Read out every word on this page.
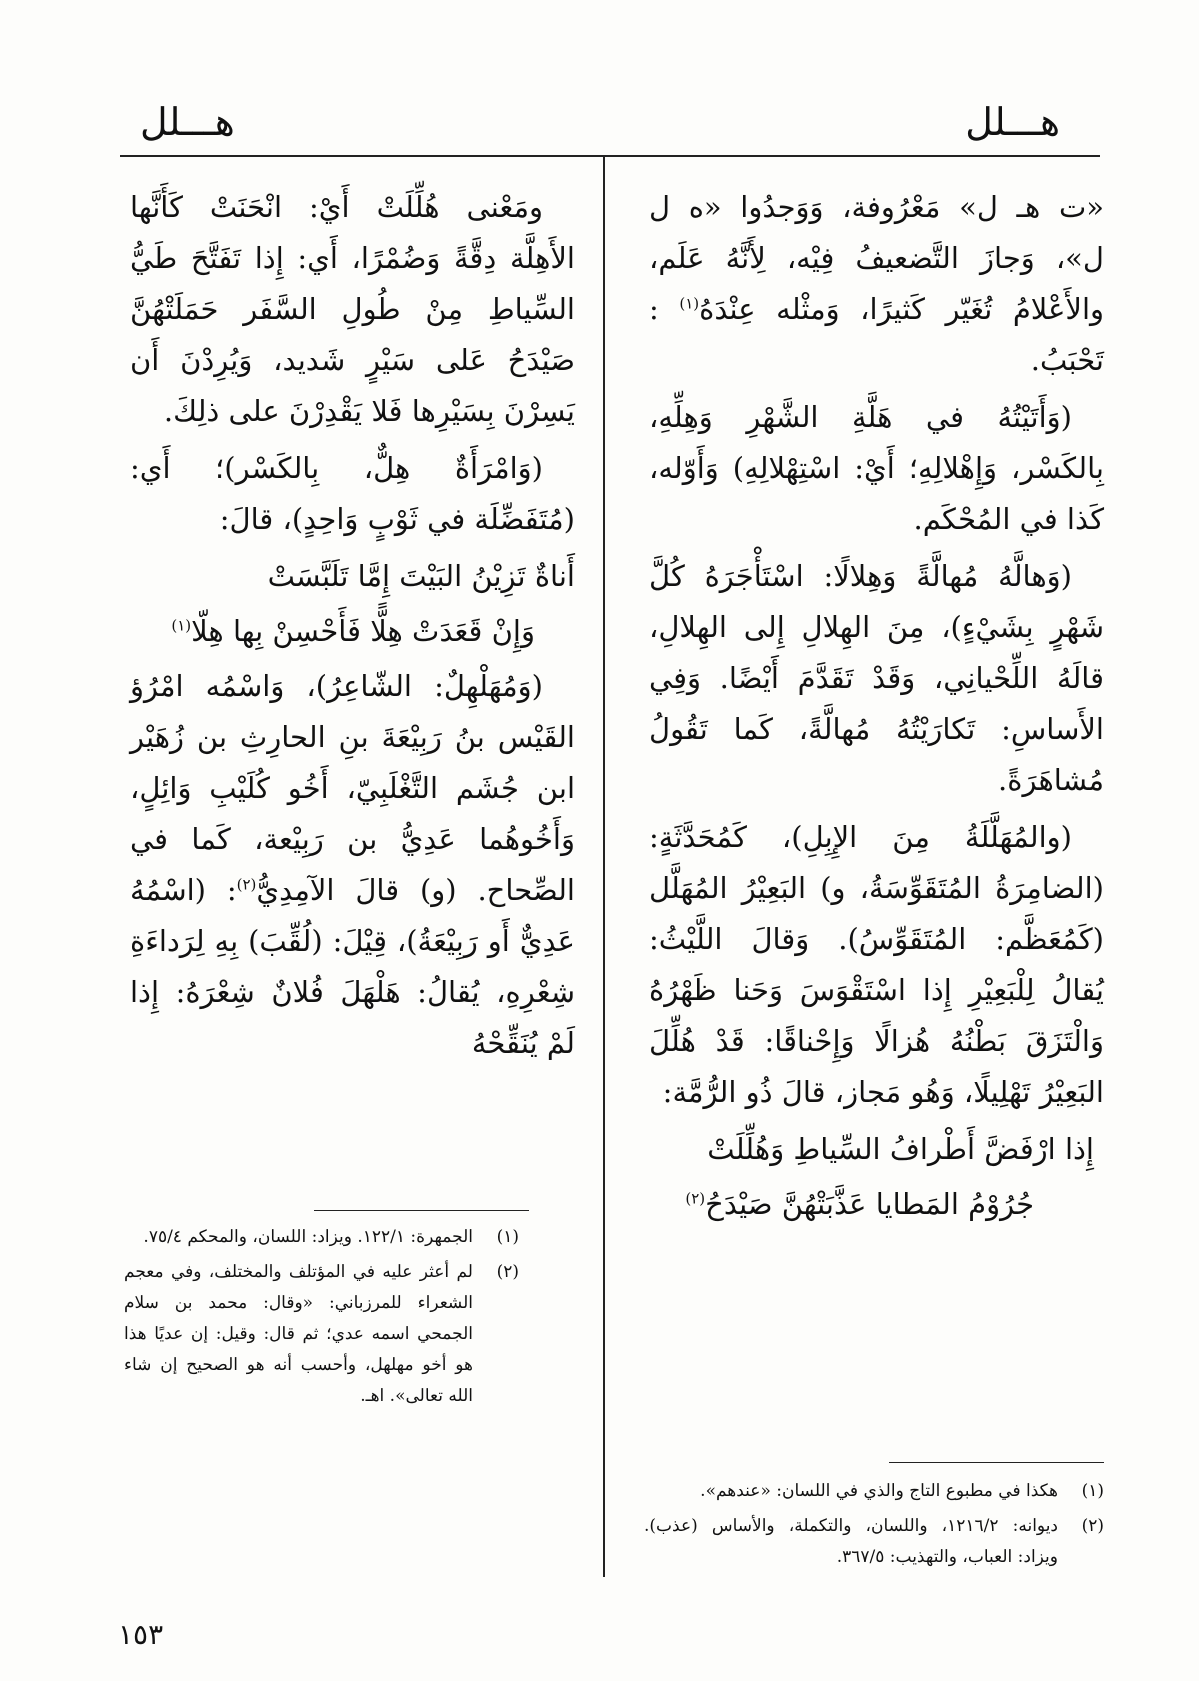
هـــلل
هـــلل

«ت هـ ل» مَعْرُوفة، وَوَجدُوا «ه ل ل»، وَجازَ التَّضعيفُ فِيْه، لِأَنَّهُ عَلَم، والأَعْلامُ تُغَيّر كَثيرًا، وَمثْله عِنْدَهُ$^{(١)}$ : تَحْبَبُ.

(وَأَتَيْتُهُ في هَلَّةِ الشَّهْرِ وَهِلِّهِ، بِالكَسْر، وَإِهْلالِهِ؛ أَيْ: اسْتِهْلالِهِ) وَأَوّله، كَذا في المُحْكَم.

(وَهالَّهُ مُهالَّةً وَهِلالًا: اسْتَأْجَرَهُ كُلَّ شَهْرٍ بِشَيْءٍ)، مِنَ الهِلالِ إِلى الهِلالِ، قالَهُ اللِّحْيانِي، وَقَدْ تَقَدَّمَ أَيْضًا. وَفِي الأَساسِ: تَكارَيْتُهُ مُهالَّةً، كَما تَقُولُ مُشاهَرَةً.

(والمُهَلَّلَةُ مِنَ الإِبِلِ)، كَمُحَدَّثَةٍ: (الضامِرَةُ المُتَقَوِّسَةُ، و) البَعِيْرُ المُهَلَّل (كَمُعَظَّم: المُتَقَوِّسُ). وَقالَ اللَّيْثُ: يُقالُ لِلْبَعِيْرِ إِذا اسْتَقْوَسَ وَحَنا ظَهْرُهُ وَالْتَزَقَ بَطْنُهُ هُزالًا وَإِحْناقًا: قَدْ هُلِّلَ البَعِيْرُ تَهْلِيلًا، وَهُو مَجاز، قالَ ذُو الرُّمَّة:

إِذا ارْفَضَّ أَطْرافُ السِّياطِ وَهُلِّلَتْ
جُرُوْمُ المَطايا عَذَّبَتْهُنَّ صَيْدَحُ$^{(٢)}$

ومَعْنى هُلِّلَتْ أَيْ: انْحَنَتْ كَأَنَّها الأَهِلَّة دِقَّةً وَضُمْرًا، أَي: إِذا تَفَتَّحَ طَيُّ السِّياطِ مِنْ طُولِ السَّفَر حَمَلَتْهُنَّ صَيْدَحُ عَلى سَيْرٍ شَديد، وَيُرِدْنَ أَن يَسِرْنَ بِسَيْرِها فَلا يَقْدِرْنَ على ذلِكَ.

(وَامْرَأَةٌ هِلٌّ، بِالكَسْر)؛ أَي: (مُتَفَضِّلَة في ثَوْبٍ وَاحِدٍ)، قالَ:

أَناةٌ تَزِيْنُ البَيْتَ إِمَّا تَلَبَّسَتْ
وَإِنْ قَعَدَتْ هِلًّا فَأَحْسِنْ بِها هِلّا$^{(١)}$

(وَمُهَلْهِلٌ: الشّاعِرُ)، وَاسْمُه امْرُؤ القَيْس بنُ رَبِيْعَةَ بنِ الحارِثِ بن زُهَيْر ابن جُشَم التَّغْلَبِيّ، أَخُو كُلَيْبِ وَائِلٍ، وَأَخُوهُما عَدِيُّ بن رَبِيْعة، كَما في الصِّحاح. (و) قالَ الآمِدِيُّ$^{(٢)}$: (اسْمُهُ عَدِيٌّ أَو رَبِيْعَةُ)، قِيْلَ: (لُقِّبَ) بِهِ لِرَداءَةِ شِعْرِهِ، يُقالُ: هَلْهَلَ فُلانٌ شِعْرَهُ: إِذا لَمْ يُنَقِّحْهُ

(١)
هكذا في مطبوع التاج والذي في اللسان: «عندهم».
(٢)
ديوانه: ١٢١٦/٢، واللسان، والتكملة، والأساس (عذب). ويزاد: العباب، والتهذيب: ٣٦٧/٥.
(١)
الجمهرة: ١٢٢/١. ويزاد: اللسان، والمحكم ٧٥/٤.
(٢)
لم أعثر عليه في المؤتلف والمختلف، وفي معجم الشعراء للمرزباني: «وقال: محمد بن سلام الجمحي اسمه عدي؛ ثم قال: وقيل: إن عديًا هذا هو أخو مهلهل، وأحسب أنه هو الصحيح إن شاء الله تعالى». اهـ.
١٥٣
